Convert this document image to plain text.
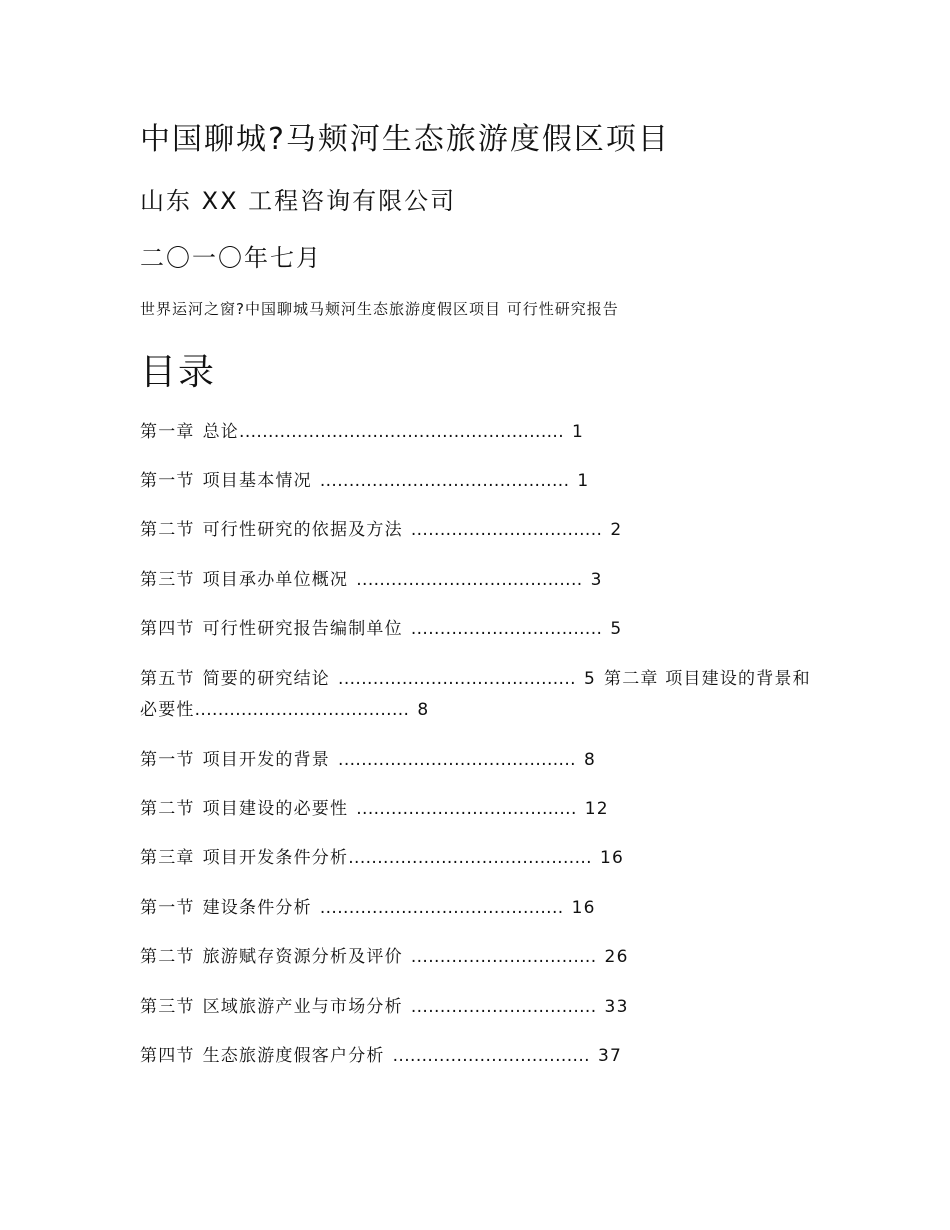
中国聊城?马颊河生态旅游度假区项目
山东 XX 工程咨询有限公司
二〇一〇年七月
世界运河之窗?中国聊城马颊河生态旅游度假区项目 可行性研究报告
目录
第一章 总论........................................................ 1
第一节 项目基本情况 ........................................... 1
第二节 可行性研究的依据及方法 ................................. 2
第三节 项目承办单位概况 ....................................... 3
第四节 可行性研究报告编制单位 ................................. 5
第五节 简要的研究结论 ......................................... 5 第二章 项目建设的背景和必要性..................................... 8
第一节 项目开发的背景 ......................................... 8
第二节 项目建设的必要性 ...................................... 12
第三章 项目开发条件分析.......................................... 16
第一节 建设条件分析 .......................................... 16
第二节 旅游赋存资源分析及评价 ................................ 26
第三节 区域旅游产业与市场分析 ................................ 33
第四节 生态旅游度假客户分析 .................................. 37
